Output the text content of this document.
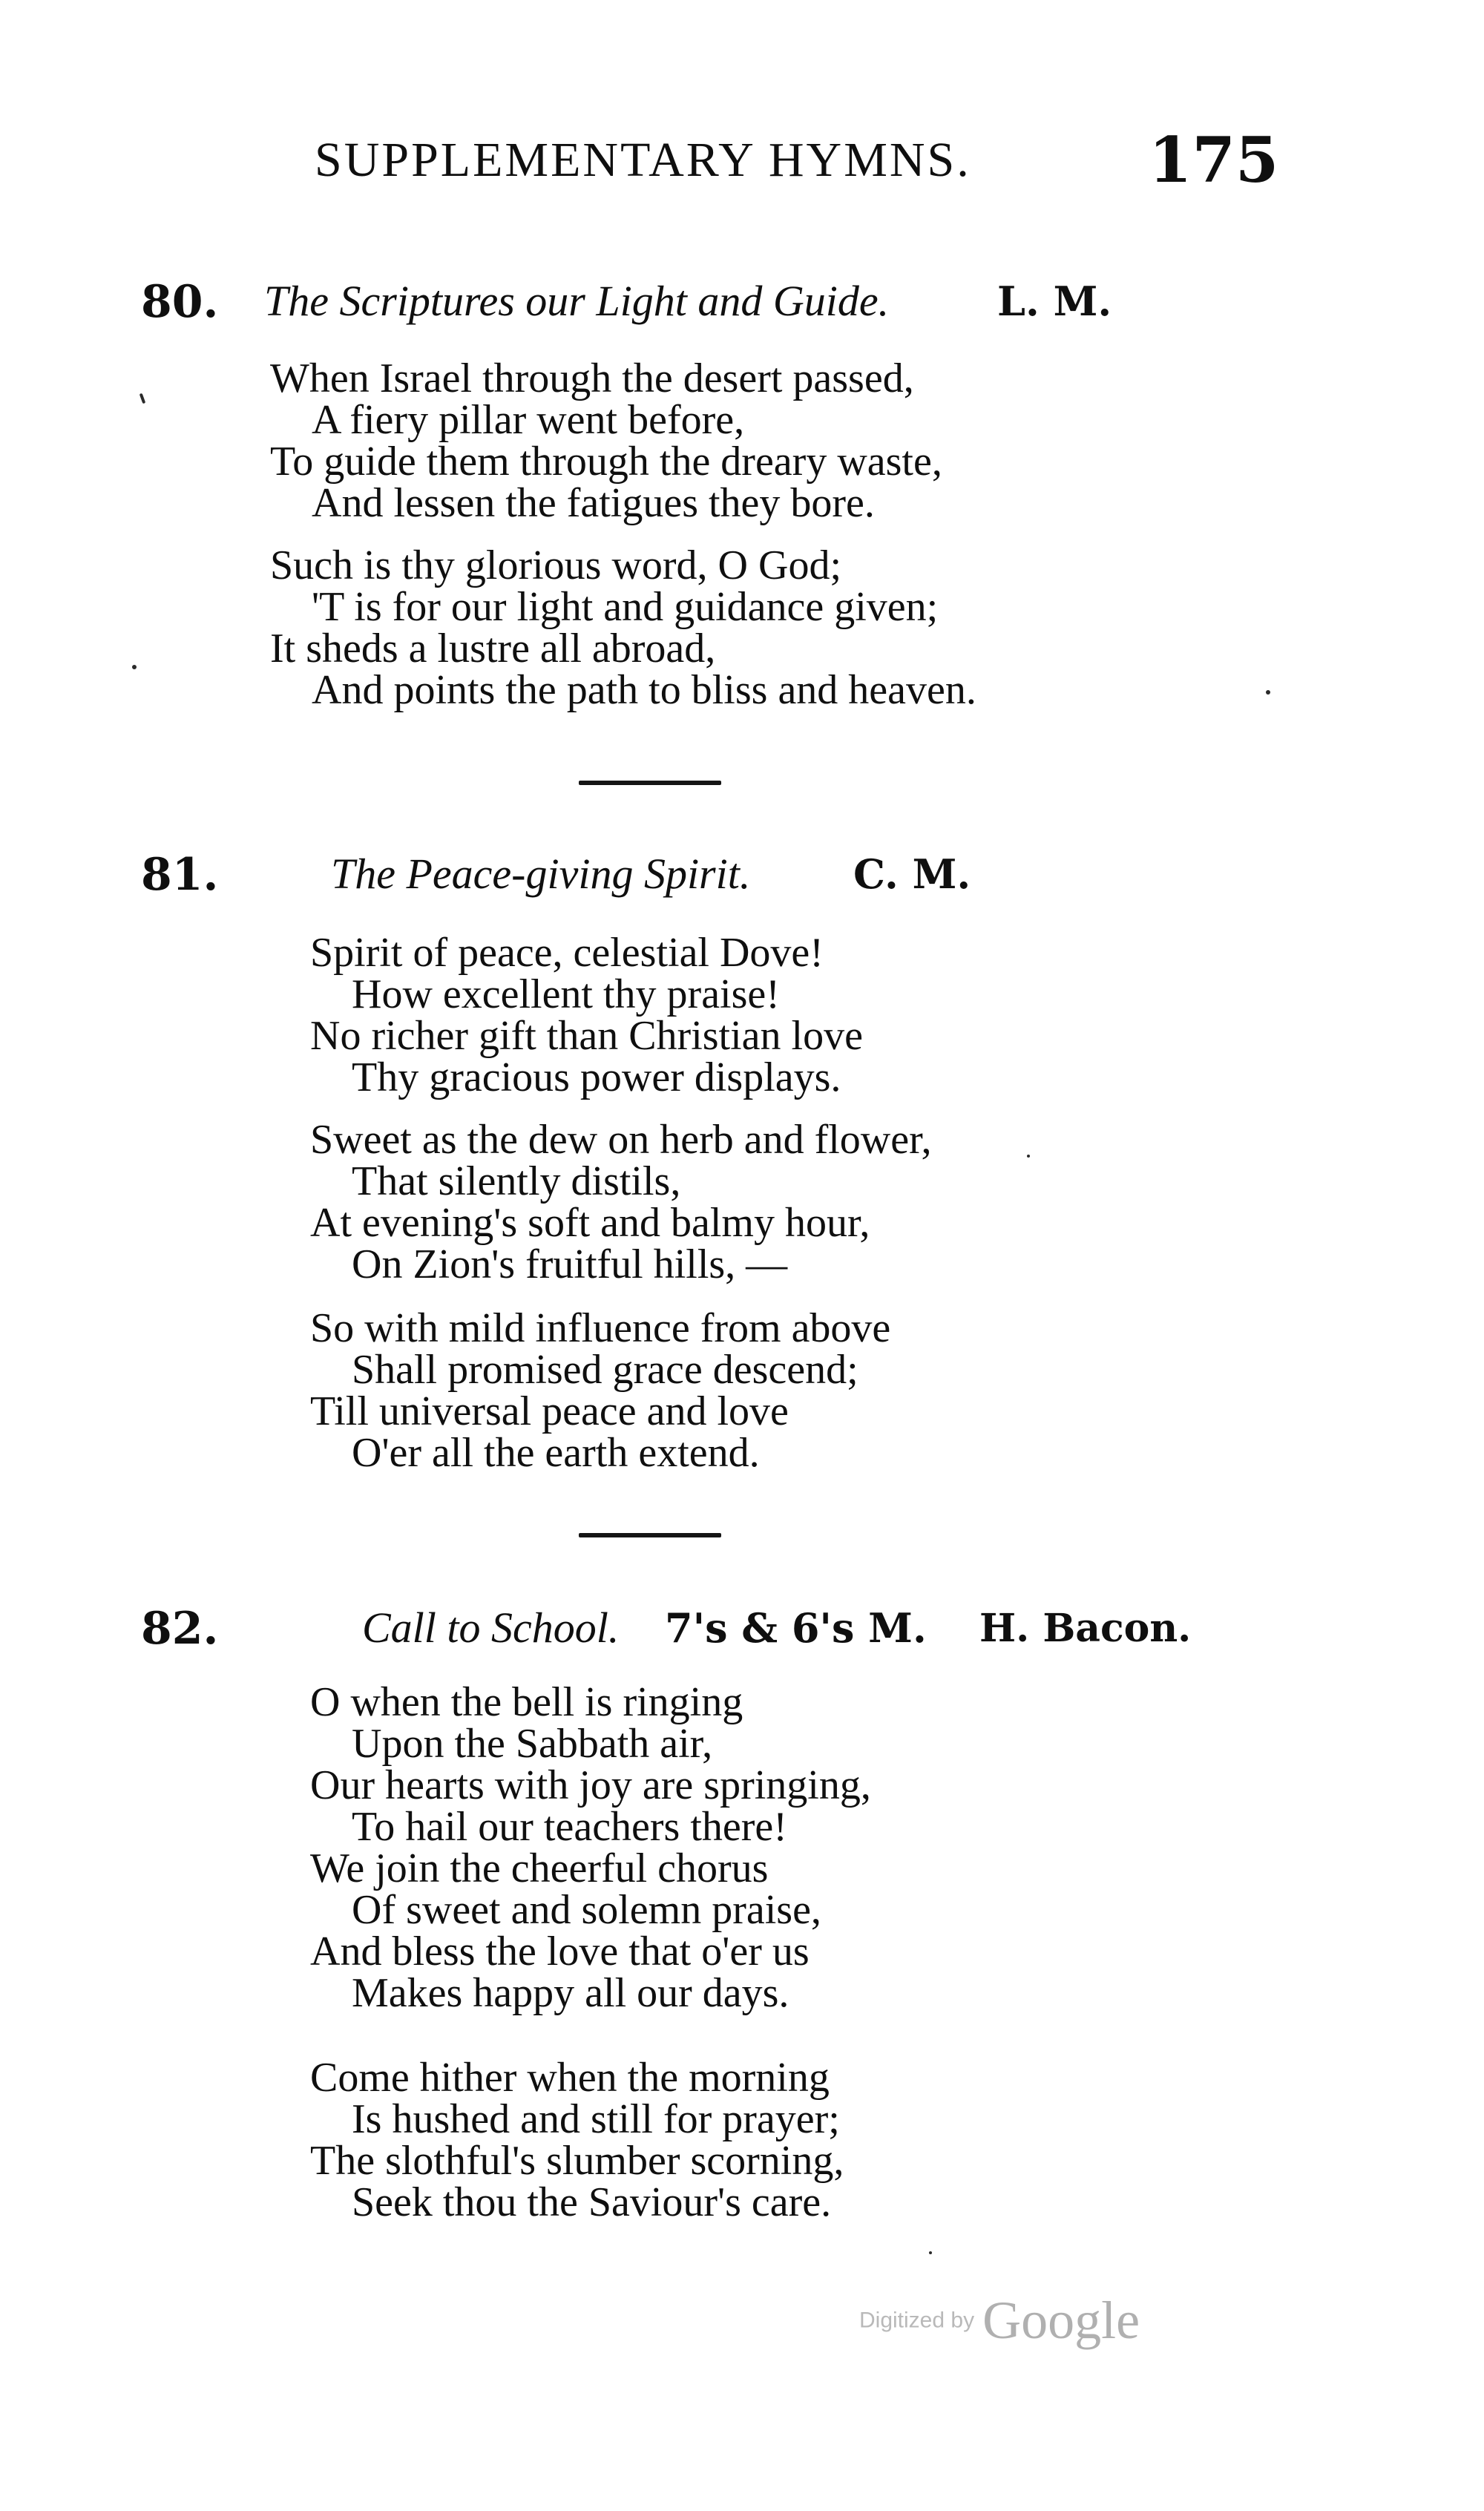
SUPPLEMENTARY HYMNS.	175
80. The Scriptures our Light and Guide.	L. M.
When Israel through the desert passed,
A fiery pillar went before,
To guide them through the dreary waste,
And lessen the fatigues they bore.
Such is thy glorious word, O God;
'T is for our light and guidance given;
It sheds a lustre all abroad,
And points the path to bliss and heaven.
81.	The Peace-giving Spirit.	C. M.
Spirit of peace, celestial Dove!
How excellent thy praise!
No richer gift than Christian love
Thy gracious power displays.
Sweet as the dew on herb and flower,
That silently distils,
At evening's soft and balmy hour,
On Zion's fruitful hills, —
So with mild influence from above
Shall promised grace descend;
Till universal peace and love
O'er all the earth extend.
82.	Call to School. 7's & 6's M. H. Bacon.
O when the bell is ringing
Upon the Sabbath air,
Our hearts with joy are springing,
To hail our teachers there!
We join the cheerful chorus
Of sweet and solemn praise,
And bless the love that o'er us
Makes happy all our days.
Come hither when the morning
Is hushed and still for prayer;
The slothful's slumber scorning,
Seek thou the Saviour's care.
Digitized by Google
